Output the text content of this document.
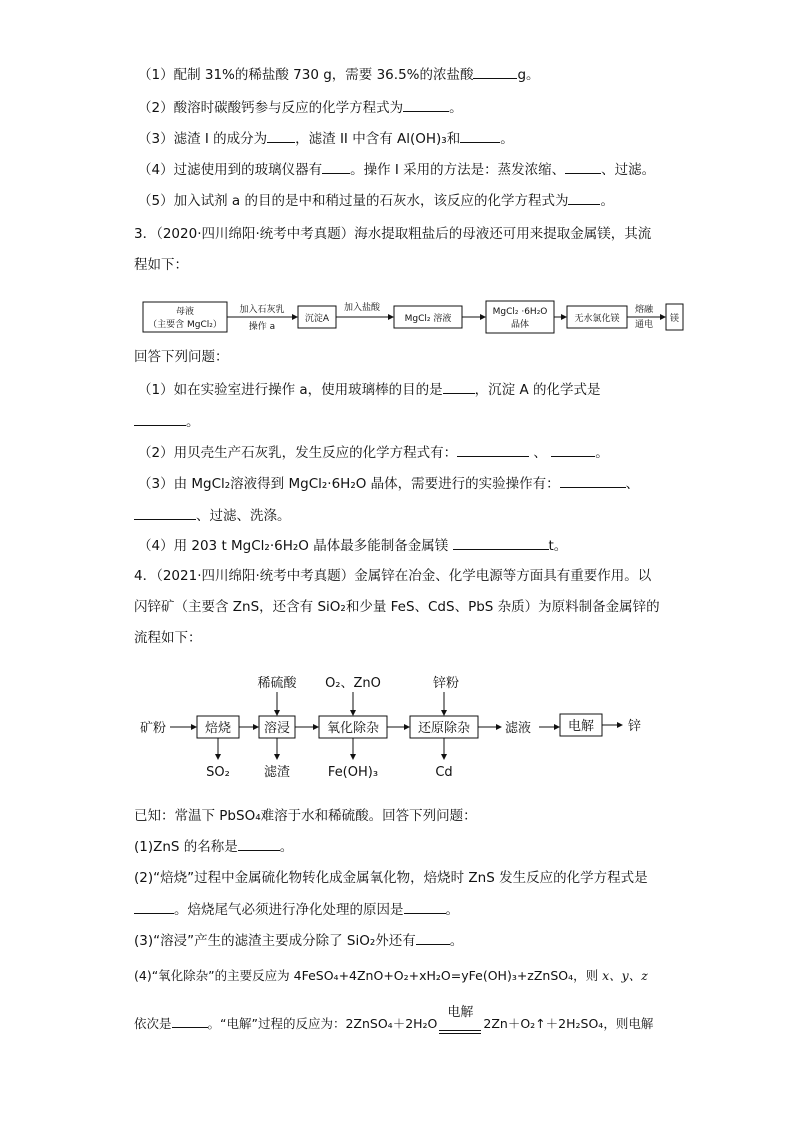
（1）配制 31%的稀盐酸 730 g，需要 36.5%的浓盐酸	g。
（2）酸溶时碳酸钙参与反应的化学方程式为	。
（3）滤渣 I 的成分为 ，滤渣 II 中含有 Al(OH)₃和	。
（4）过滤使用到的玻璃仪器有 。操作 I 采用的方法是：蒸发浓缩、	、过滤。
（5）加入试剂 a 的目的是中和稍过量的石灰水，该反应的化学方程式为 。
3．（2020·四川绵阳·统考中考真题）海水提取粗盐后的母液还可用来提取金属镁，其流
程如下：
母液
（主要含 MgCl₂）
加入石灰乳
操作 a
沉淀A
加入盐酸
MgCl₂ 溶液
MgCl₂ ·6H₂O
晶体
无水氯化镁
熔融
通电
镁
回答下列问题：
（1）如在实验室进行操作 a，使用玻璃棒的目的是 ，沉淀 A 的化学式是
。
（2）用贝壳生产石灰乳，发生反应的化学方程式有：	、	。
（3）由 MgCl₂溶液得到 MgCl₂·6H₂O 晶体，需要进行的实验操作有：	、
、过滤、洗涤。
（4）用 203 t MgCl₂·6H₂O 晶体最多能制备金属镁	t。
4．（2021·四川绵阳·统考中考真题）金属锌在冶金、化学电源等方面具有重要作用。以
闪锌矿（主要含 ZnS，还含有 SiO₂和少量 FeS、CdS、PbS 杂质）为原料制备金属锌的
流程如下：
矿粉	焙烧
SO₂
溶浸
稀硫酸
滤渣
氧化除杂
O₂、ZnO
Fe(OH)₃
还原除杂
锌粉
Cd
滤液	电解	锌
已知：常温下 PbSO₄难溶于水和稀硫酸。回答下列问题：
(1)ZnS 的名称是	。
(2)“焙烧”过程中金属硫化物转化成金属氧化物，焙烧时 ZnS 发生反应的化学方程式是
。焙烧尾气必须进行净化处理的原因是	。
(3)“溶浸”产生的滤渣主要成分除了 SiO₂外还有	。
(4)“氧化除杂”的主要反应为 4FeSO₄+4ZnO+O₂+xH₂O=yFe(OH)₃+zZnSO₄，则 x、y、z
依次是	。“电解”过程的反应为：2ZnSO₄＋2H₂O
电解
2Zn＋O₂↑＋2H₂SO₄，则电解
